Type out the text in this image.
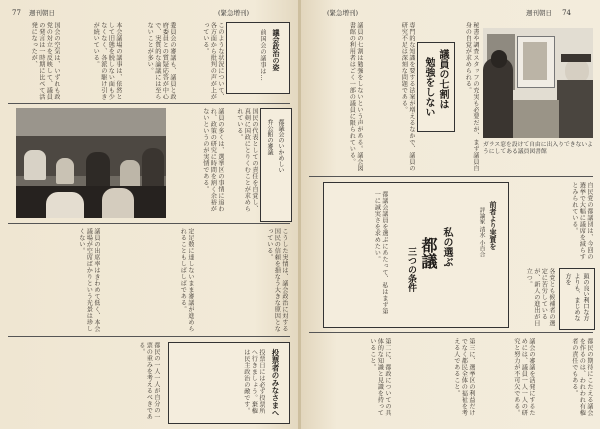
77 週刊朝日	(緊急増刊)
国会の空気は、いずれも政党の対立を反映して、議員の発言は一時期に比べて活発になったが、	本会議場の議事は、依然として旧態を脱しない面も少なくなく、各派の駆け引きが続いている。	委員会の審議も、議員と政府委員との質疑応答が中心で、実質的な論議には至らないことが多い。	このような状況について、各方面から批判の声が上がっている。	議会政治の姿
前国会の議事は…
議員の多くは、選挙区の事情に追われ、政策の研究に時間を割く余裕がないというのが実情である。	国民の代表としての責任を自覚し、真剣に国政にとりくむことが求められている。	都議会のいかめしい
弁公館の審議
議員の出席率はきわめて低く、本会議場が空席ばかりという光景は珍しくない。	定足数に達しないまま審議が進められることもしばしばである。	こうした実情は、議会政治に対する国民の信頼を損なう大きな原因となっている。
都民の一人一人が自分の一票の重みを考えるべきである。
投票者のみなさまへ
投票日には必ず投票所へ行きましょう。棄権は民主政治の敵です。
(緊急増刊)	週刊朝日 74
議員の七割は勉強をしないという声がある。議会図書館の利用者はごく一部の議員に限られている。	専門的な知識を要する法案が増えるなかで、議員の研究不足は深刻な問題である。	議員の七割は
勉強をしない	秘書や調査スタッフの充実も必要だが、まず議員自身の自覚が求められる。
ガラス窓を設けて自由に出入りできないようにしてある議員図書館
自民党の都議団は、今回の選挙で大幅に議席を減らすとみられている。
前者より実質を
評論家 清水 小百合
私の選ぶ
都議
三つの条件
都議会議員を選ぶにあたって、私はまず第一に誠実さを求めたい。
頭の良い利口な方よりも、まじめな方を
各党とも候補者の選定に苦労しているが、新人の進出が目立つ。
第二に、都政についての具体的な知識と見識を持っていること。	第三に、選挙区の利益だけでなく都民全体の福祉を考える人であること。	議会の審議を活発にするためには、議員一人一人の研究と努力が不可欠である。	都民の期待にこたえる議会を作るのは、われわれ有権者の責任でもある。
